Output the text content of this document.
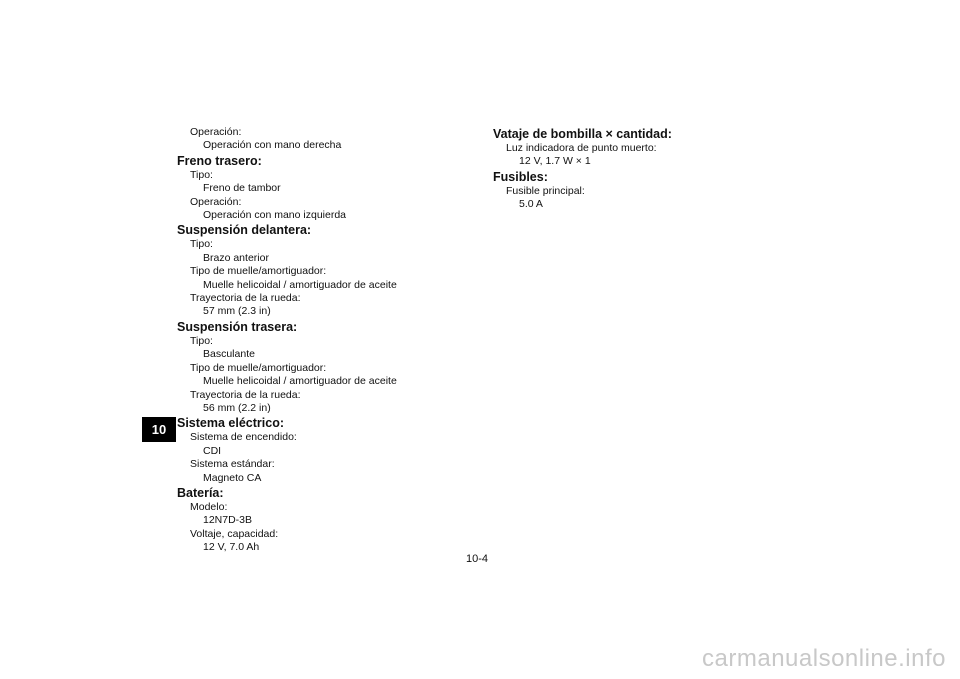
10
Operación:
Operación con mano derecha
Freno trasero:
Tipo:
Freno de tambor
Operación:
Operación con mano izquierda
Suspensión delantera:
Tipo:
Brazo anterior
Tipo de muelle/amortiguador:
Muelle helicoidal / amortiguador de aceite
Trayectoria de la rueda:
57 mm (2.3 in)
Suspensión trasera:
Tipo:
Basculante
Tipo de muelle/amortiguador:
Muelle helicoidal / amortiguador de aceite
Trayectoria de la rueda:
56 mm (2.2 in)
Sistema eléctrico:
Sistema de encendido:
CDI
Sistema estándar:
Magneto CA
Batería:
Modelo:
12N7D-3B
Voltaje, capacidad:
12 V, 7.0 Ah
Vataje de bombilla × cantidad:
Luz indicadora de punto muerto:
12 V, 1.7 W × 1
Fusibles:
Fusible principal:
5.0 A
10-4
carmanualsonline.info
